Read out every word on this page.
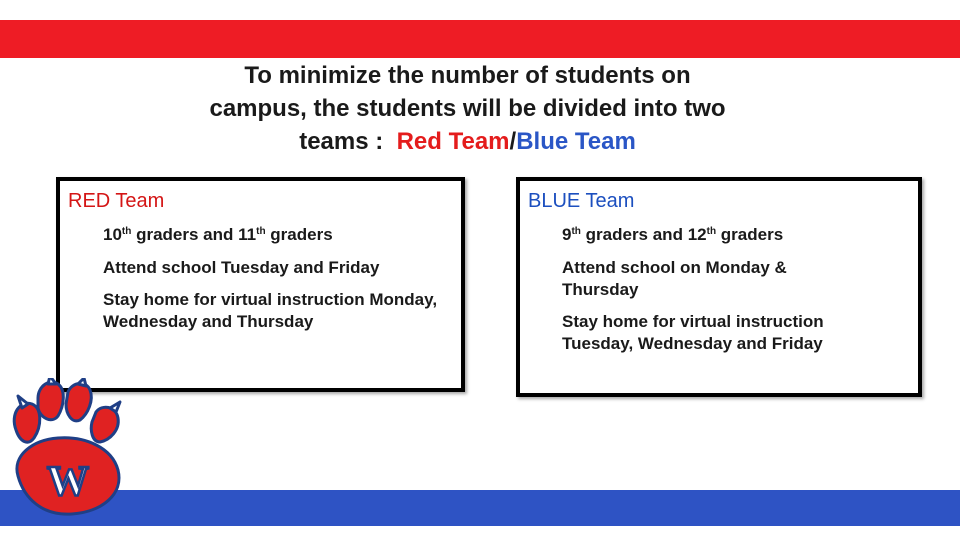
To minimize the number of students on
campus, the students will be divided into two
teams : Red Team/Blue Team
RED Team
10th graders and 11th graders
Attend school Tuesday and Friday
Stay home for virtual instruction Monday, Wednesday and Thursday
BLUE Team
9th graders and 12th graders
Attend school on Monday & Thursday
Stay home for virtual instruction Tuesday, Wednesday and Friday
W
